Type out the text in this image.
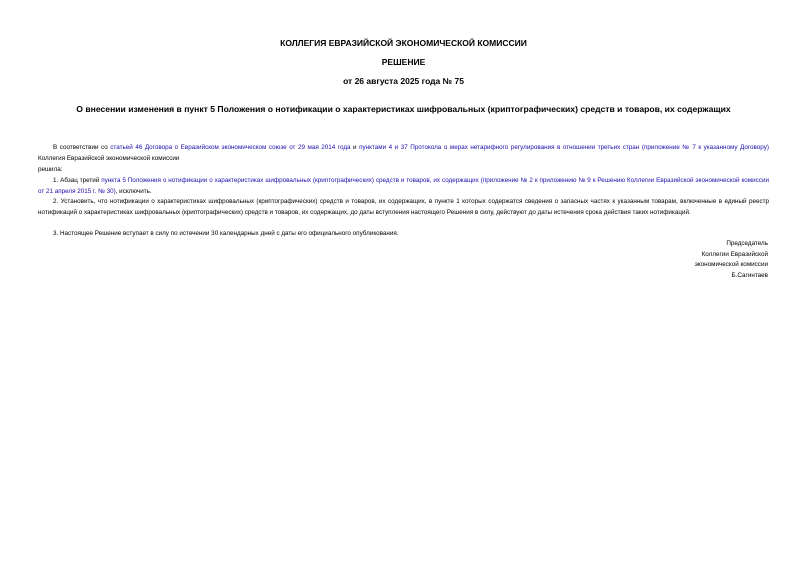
КОЛЛЕГИЯ ЕВРАЗИЙСКОЙ ЭКОНОМИЧЕСКОЙ КОМИССИИ
РЕШЕНИЕ
от 26 августа 2025 года № 75
О внесении изменения в пункт 5 Положения о нотификации о характеристиках шифровальных (криптографических) средств и товаров, их содержащих

В соответствии со статьей 46 Договора о Евразийском экономическом союзе от 29 мая 2014 года и пунктами 4 и 37 Протокола о мерах нетарифного регулирования в отношении третьих стран (приложение № 7 к указанному Договору) Коллегия Евразийской экономической комиссии

решила:

1. Абзац третий пункта 5 Положения о нотификации о характеристиках шифровальных (криптографических) средств и товаров, их содержащих (приложение № 2 к приложению № 9 к Решению Коллегии Евразийской экономической комиссии от 21 апреля 2015 г. № 30), исключить.

2. Установить, что нотификации о характеристиках шифровальных (криптографических) средств и товаров, их содержащих, в пункте 1 которых содержатся сведения о запасных частях к указанным товарам, включенные в единый реестр нотификаций о характеристиках шифровальных (криптографических) средств и товаров, их содержащих, до даты вступления настоящего Решения в силу, действуют до даты истечения срока действия таких нотификаций.

3. Настоящее Решение вступает в силу по истечении 30 календарных дней с даты его официального опубликования.

Председатель
Коллегии Евразийской
экономической комиссии
Б.Сагинтаев
